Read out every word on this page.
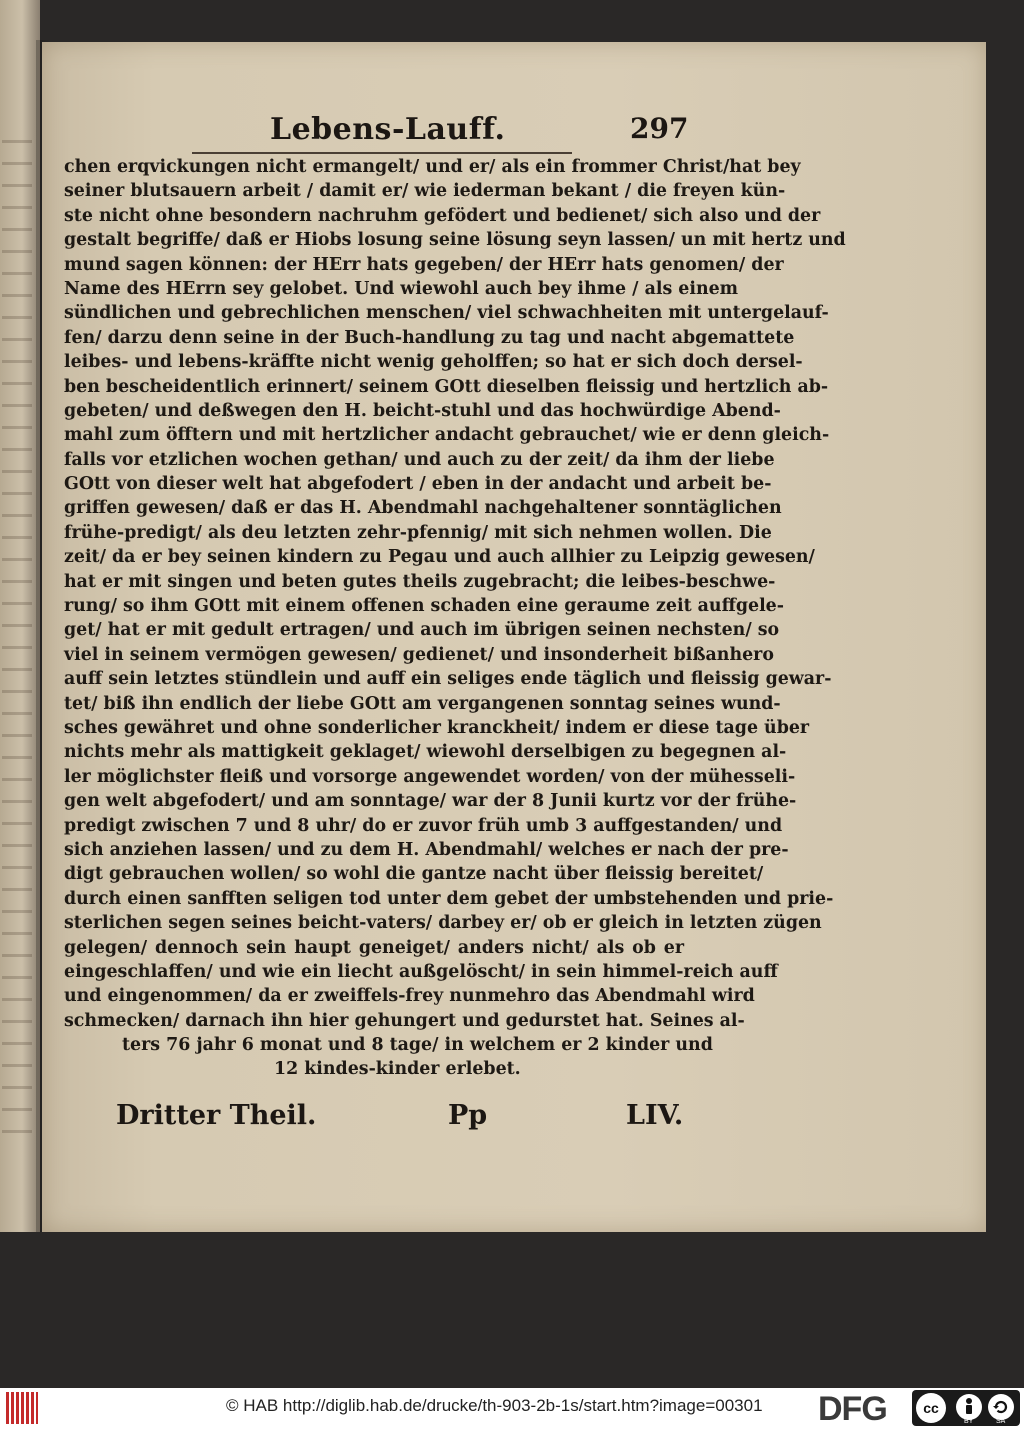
Lebens-Lauff.	297
chen erqvickungen nicht ermangelt/ und er/ als ein frommer Christ/hat bey
seiner blutsauern arbeit / damit er/ wie iederman bekant / die freyen kün-
ste nicht ohne besondern nachruhm gefödert und bedienet/ sich also und der
gestalt begriffe/ daß er Hiobs losung seine lösung seyn lassen/ un mit hertz und
mund sagen können: der HErr hats gegeben/ der HErr hats genomen/ der
Name des HErrn sey gelobet. Und wiewohl auch bey ihme / als einem
sündlichen und gebrechlichen menschen/ viel schwachheiten mit untergelauf-
fen/ darzu denn seine in der Buch-handlung zu tag und nacht abgemattete
leibes- und lebens-kräffte nicht wenig geholffen; so hat er sich doch dersel-
ben bescheidentlich erinnert/ seinem GOtt dieselben fleissig und hertzlich ab-
gebeten/ und deßwegen den H. beicht-stuhl und das hochwürdige Abend-
mahl zum öfftern und mit hertzlicher andacht gebrauchet/ wie er denn gleich-
falls vor etzlichen wochen gethan/ und auch zu der zeit/ da ihm der liebe
GOtt von dieser welt hat abgefodert / eben in der andacht und arbeit be-
griffen gewesen/ daß er das H. Abendmahl nachgehaltener sonntäglichen
frühe-predigt/ als deu letzten zehr-pfennig/ mit sich nehmen wollen. Die
zeit/ da er bey seinen kindern zu Pegau und auch allhier zu Leipzig gewesen/
hat er mit singen und beten gutes theils zugebracht; die leibes-beschwe-
rung/ so ihm GOtt mit einem offenen schaden eine geraume zeit auffgele-
get/ hat er mit gedult ertragen/ und auch im übrigen seinen nechsten/ so
viel in seinem vermögen gewesen/ gedienet/ und insonderheit bißanhero
auff sein letztes stündlein und auff ein seliges ende täglich und fleissig gewar-
tet/ biß ihn endlich der liebe GOtt am vergangenen sonntag seines wund-
sches gewähret und ohne sonderlicher kranckheit/ indem er diese tage über
nichts mehr als mattigkeit geklaget/ wiewohl derselbigen zu begegnen al-
ler möglichster fleiß und vorsorge angewendet worden/ von der mühesseli-
gen welt abgefodert/ und am sonntage/ war der 8 Junii kurtz vor der frühe-
predigt zwischen 7 und 8 uhr/ do er zuvor früh umb 3 auffgestanden/ und
sich anziehen lassen/ und zu dem H. Abendmahl/ welches er nach der pre-
digt gebrauchen wollen/ so wohl die gantze nacht über fleissig bereitet/
durch einen sanfften seligen tod unter dem gebet der umbstehenden und prie-
sterlichen segen seines beicht-vaters/ darbey er/ ob er gleich in letzten zügen
gelegen/ dennoch sein haupt geneiget/ anders nicht/ als ob er
eingeschlaffen/ und wie ein liecht außgelöscht/ in sein himmel-reich auff
und eingenommen/ da er zweiffels-frey nunmehro das Abendmahl wird
schmecken/ darnach ihn hier gehungert und gedurstet hat. Seines al-
ters 76 jahr 6 monat und 8 tage/ in welchem er 2 kinder und
12 kindes-kinder erlebet.
Dritter Theil.	Pp	LIV.
© HAB http://diglib.hab.de/drucke/th-903-2b-1s/start.htm?image=00301 DFG	cc
BY	SA
